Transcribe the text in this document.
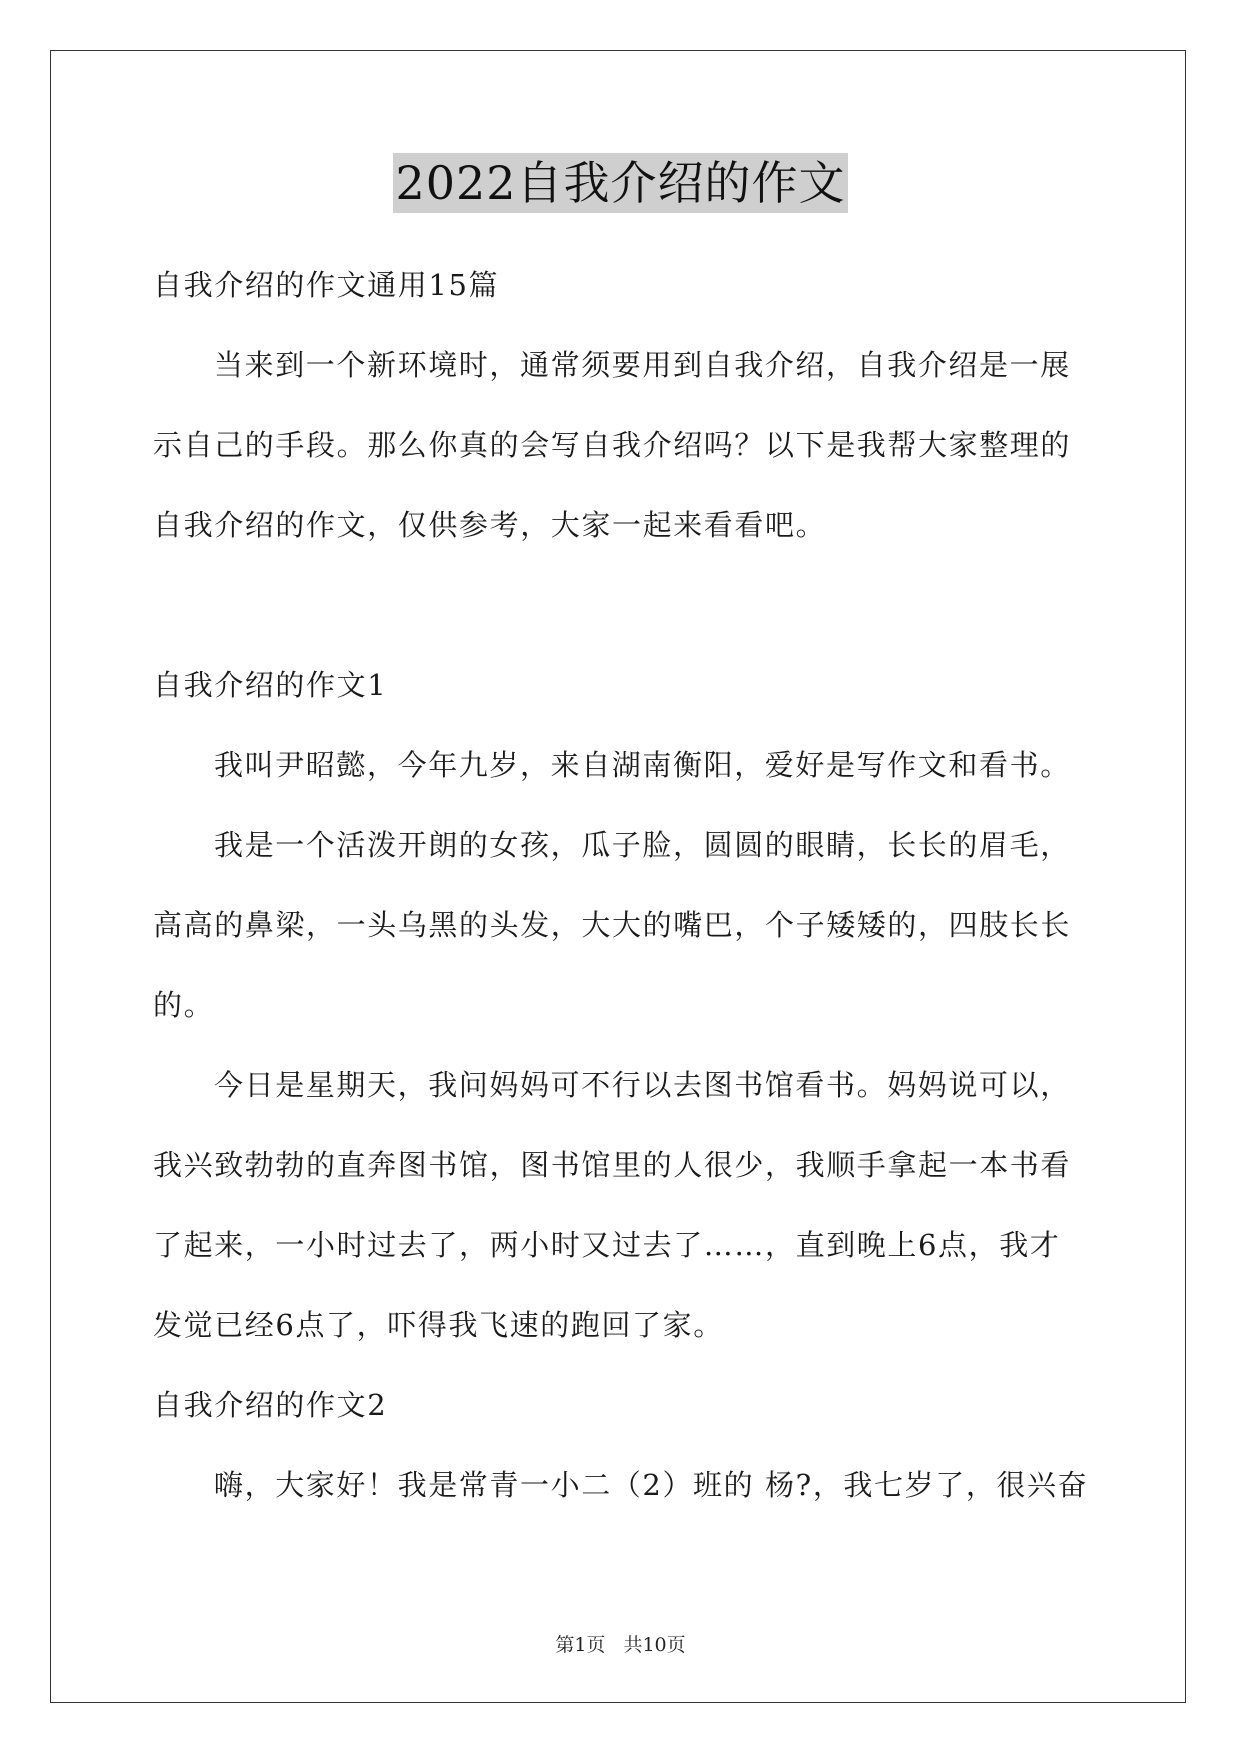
2022自我介绍的作文
自我介绍的作文通用15篇
当来到一个新环境时，通常须要用到自我介绍，自我介绍是一展
示自己的手段。那么你真的会写自我介绍吗？以下是我帮大家整理的
自我介绍的作文，仅供参考，大家一起来看看吧。
自我介绍的作文1
我叫尹昭懿，今年九岁，来自湖南衡阳，爱好是写作文和看书。
我是一个活泼开朗的女孩，瓜子脸，圆圆的眼睛，长长的眉毛，
高高的鼻梁，一头乌黑的头发，大大的嘴巴，个子矮矮的，四肢长长
的。
今日是星期天，我问妈妈可不行以去图书馆看书。妈妈说可以，
我兴致勃勃的直奔图书馆，图书馆里的人很少，我顺手拿起一本书看
了起来，一小时过去了，两小时又过去了……，直到晚上6点，我才
发觉已经6点了，吓得我飞速的跑回了家。
自我介绍的作文2
嗨，大家好！我是常青一小二（2）班的 杨?，我七岁了，很兴奋
第1页 共10页
